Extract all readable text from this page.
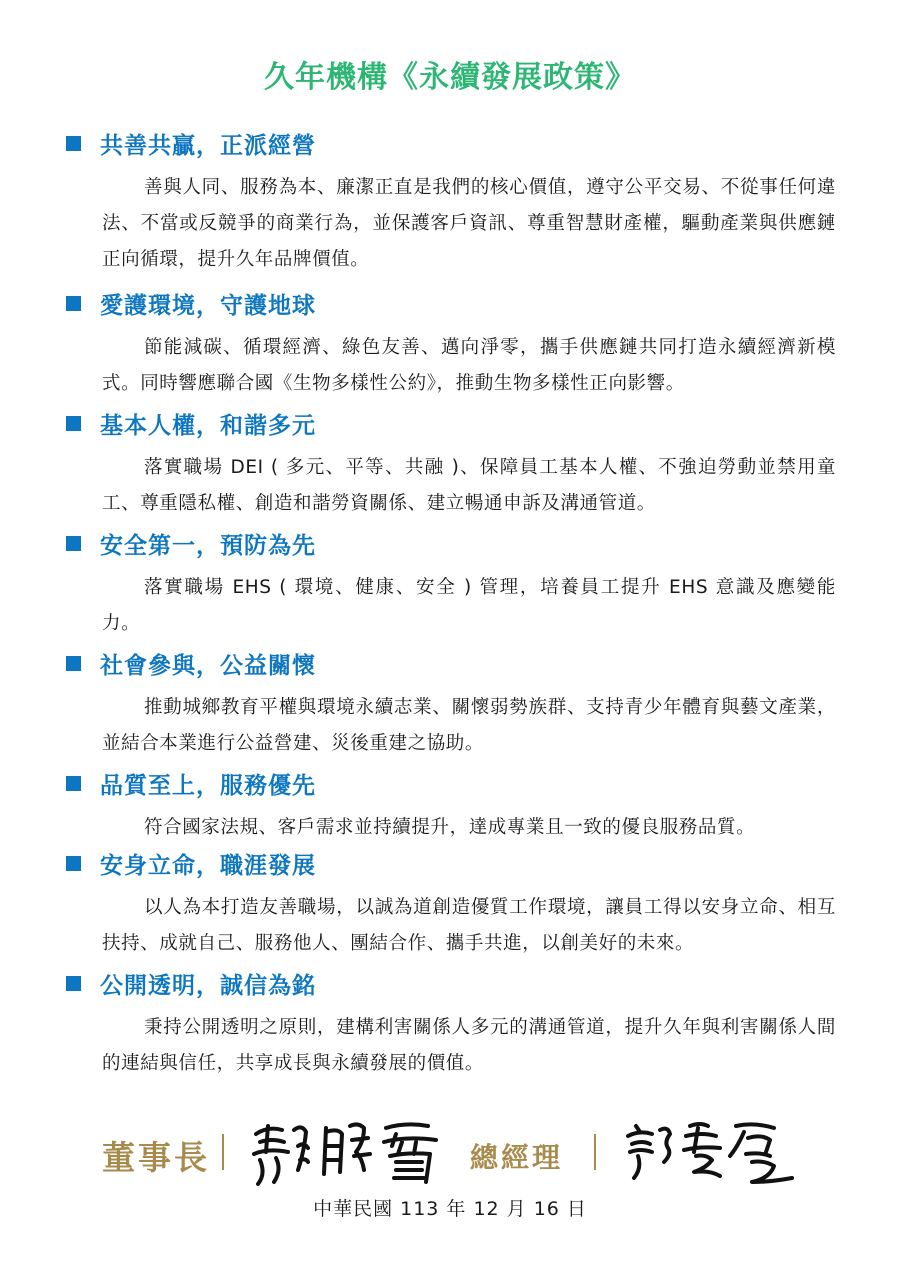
久年機構《永續發展政策》
共善共贏，正派經營
善與人同、服務為本、廉潔正直是我們的核心價值，遵守公平交易、不從事任何違法、不當或反競爭的商業行為，並保護客戶資訊、尊重智慧財產權，驅動產業與供應鏈正向循環，提升久年品牌價值。
愛護環境，守護地球
節能減碳、循環經濟、綠色友善、邁向淨零，攜手供應鏈共同打造永續經濟新模式。同時響應聯合國《生物多樣性公約》，推動生物多樣性正向影響。
基本人權，和諧多元
落實職場 DEI ( 多元、平等、共融 )、保障員工基本人權、不強迫勞動並禁用童工、尊重隱私權、創造和諧勞資關係、建立暢通申訴及溝通管道。
安全第一，預防為先
落實職場 EHS ( 環境、健康、安全 ) 管理，培養員工提升 EHS 意識及應變能力。
社會參與，公益關懷
推動城鄉教育平權與環境永續志業、關懷弱勢族群、支持青少年體育與藝文產業，並結合本業進行公益營建、災後重建之協助。
品質至上，服務優先
符合國家法規、客戶需求並持續提升，達成專業且一致的優良服務品質。
安身立命，職涯發展
以人為本打造友善職場，以誠為道創造優質工作環境，讓員工得以安身立命、相互扶持、成就自己、服務他人、團結合作、攜手共進，以創美好的未來。
公開透明，誠信為銘
秉持公開透明之原則，建構利害關係人多元的溝通管道，提升久年與利害關係人間的連結與信任，共享成長與永續發展的價值。
董事長	總經理
中華民國 113 年 12 月 16 日
